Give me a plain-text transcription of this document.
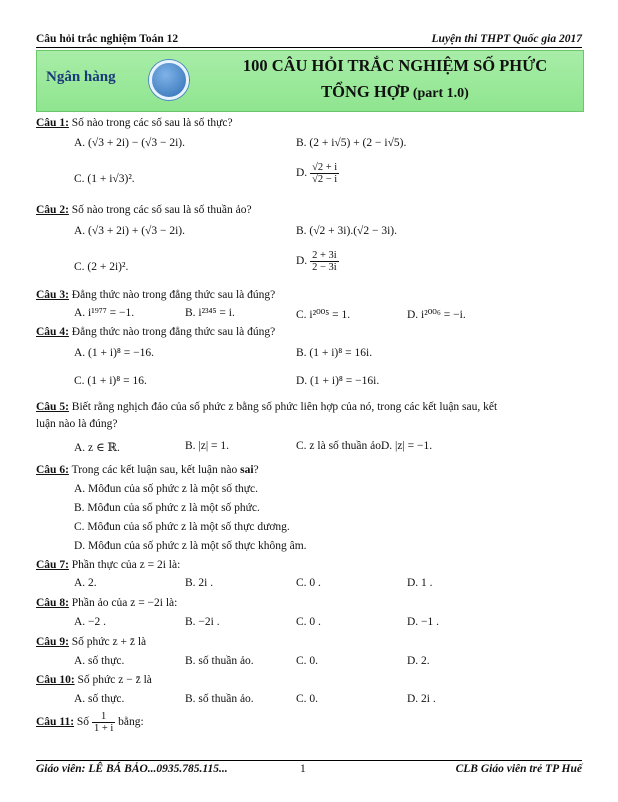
Câu hỏi trắc nghiệm Toán 12	Luyện thi THPT Quốc gia 2017
Ngân hàng
100 CÂU HỎI TRẮC NGHIỆM SỐ PHỨC
TỔNG HỢP (part 1.0)
Câu 1: Số nào trong các số sau là số thực?
A. (√3 + 2i) − (√3 − 2i).	B. (2 + i√5) + (2 − i√5).
C. (1 + i√3)².	D. $\frac{√2 + i}{√2 - i}$
Câu 2: Số nào trong các số sau là số thuần ảo?
A. (√3 + 2i) + (√3 − 2i).	B. (√2 + 3i).(√2 − 3i).
C. (2 + 2i)².	D. $\frac{2 + 3i}{2 - 3i}$
Câu 3: Đẳng thức nào trong đẳng thức sau là đúng?
A. i¹⁹⁷⁷ = −1.	B. i²³⁴⁵ = i.	C. i²⁰⁰⁵ = 1.	D. i²⁰⁰⁶ = −i.
Câu 4: Đẳng thức nào trong đẳng thức sau là đúng?
A. (1 + i)⁸ = −16.	B. (1 + i)⁸ = 16i.
C. (1 + i)⁸ = 16.	D. (1 + i)⁸ = −16i.
Câu 5: Biết rằng nghịch đảo của số phức z bằng số phức liên hợp của nó, trong các kết luận sau, kết
luận nào là đúng?
A. z ∈ ℝ.	B. |z| = 1.	C. z là số thuần ảo.
D. |z| = −1.
Câu 6: Trong các kết luận sau, kết luận nào sai?
A. Môđun của số phức z là một số thực.
B. Môđun của số phức z là một số phức.
C. Môđun của số phức z là một số thực dương.
D. Môđun của số phức z là một số thực không âm.
Câu 7: Phần thực của z = 2i là:
A. 2.	B. 2i .	C. 0 .	D. 1 .
Câu 8: Phần ảo của z = −2i là:
A. −2 .	B. −2i .	C. 0 .	D. −1 .
Câu 9: Số phức z + z̄ là
A. số thực.	B. số thuần ảo.	C. 0.	D. 2.
Câu 10: Số phức z − z̄ là
A. số thực.	B. số thuần ảo.	C. 0.	D. 2i .
Câu 11: Số $\frac{1}{1 + i}$ bằng:
Giáo viên: LÊ BÁ BẢO...0935.785.115...	1	CLB Giáo viên trẻ TP Huế
